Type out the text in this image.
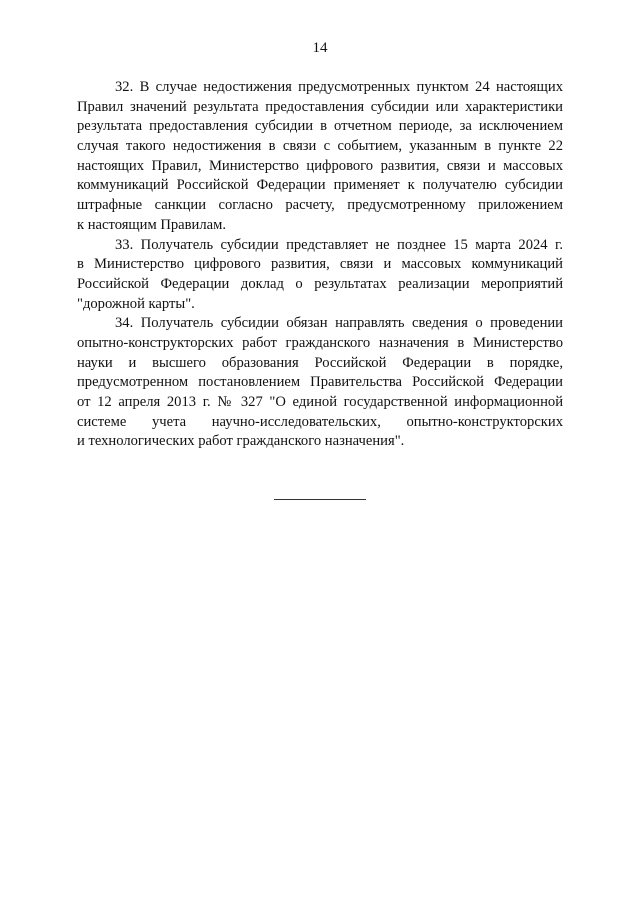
14
32. В случае недостижения предусмотренных пунктом 24 настоящих
Правил значений результата предоставления субсидии или характеристики
результата предоставления субсидии в отчетном периоде, за исключением
случая такого недостижения в связи с событием, указанным в пункте 22
настоящих Правил, Министерство цифрового развития, связи и массовых
коммуникаций Российской Федерации применяет к получателю субсидии
штрафные санкции согласно расчету, предусмотренному приложением
к настоящим Правилам.
33. Получатель субсидии представляет не позднее 15 марта 2024 г.
в Министерство цифрового развития, связи и массовых коммуникаций
Российской Федерации доклад о результатах реализации мероприятий
"дорожной карты".
34. Получатель субсидии обязан направлять сведения о проведении
опытно-конструкторских работ гражданского назначения в Министерство
науки и высшего образования Российской Федерации в порядке,
предусмотренном постановлением Правительства Российской Федерации
от 12 апреля 2013 г. № 327 "О единой государственной информационной
системе учета научно-исследовательских, опытно-конструкторских
и технологических работ гражданского назначения".
